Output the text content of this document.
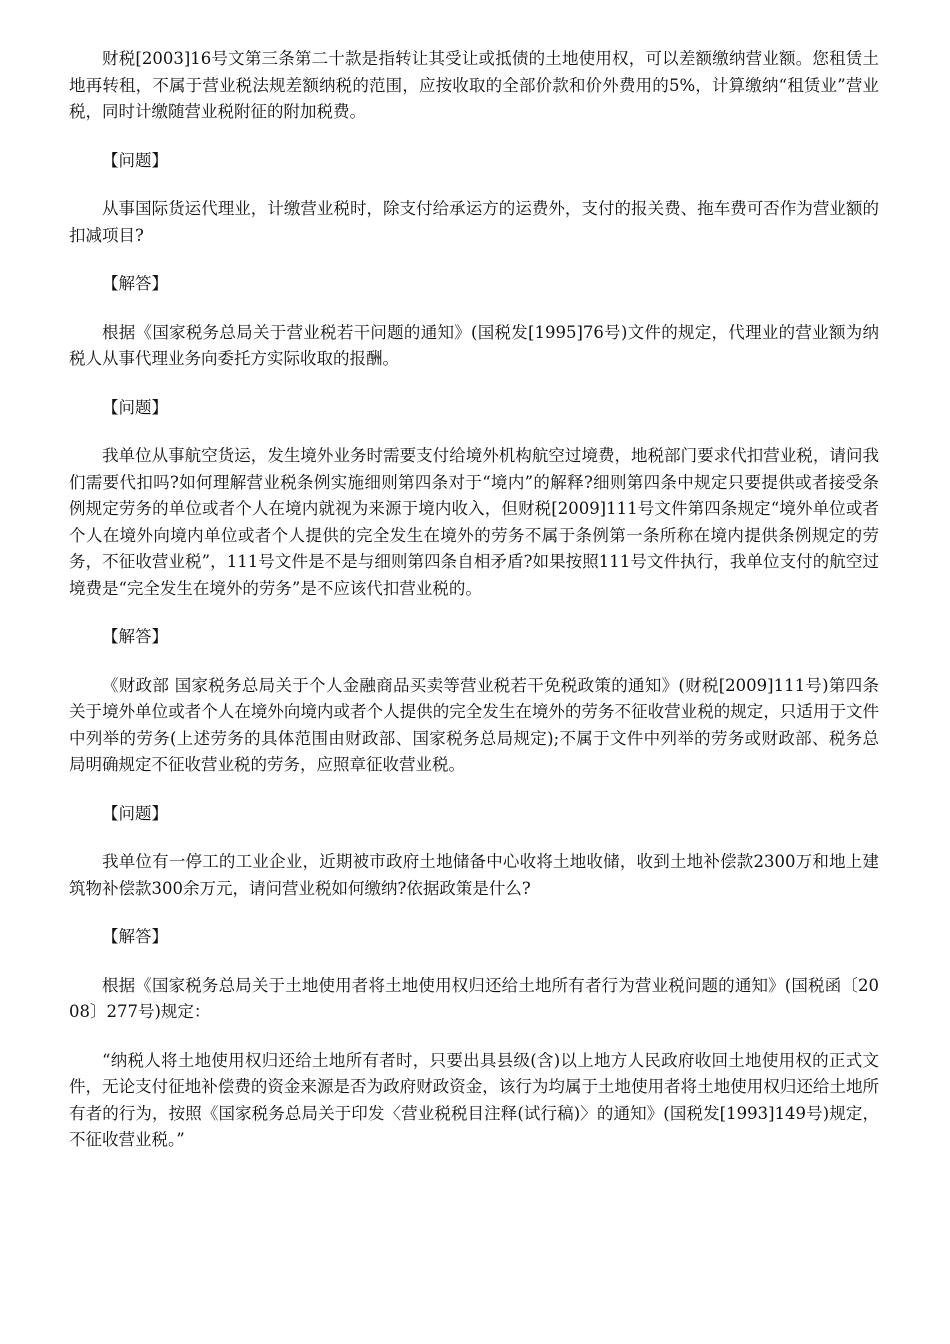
财税[2003]16号文第三条第二十款是指转让其受让或抵债的土地使用权，可以差额缴纳营业额。您租赁土地再转租，不属于营业税法规差额纳税的范围，应按收取的全部价款和价外费用的5%，计算缴纳“租赁业”营业税，同时计缴随营业税附征的附加税费。

【问题】

从事国际货运代理业，计缴营业税时，除支付给承运方的运费外，支付的报关费、拖车费可否作为营业额的扣减项目?

【解答】

根据《国家税务总局关于营业税若干问题的通知》(国税发[1995]76号)文件的规定，代理业的营业额为纳税人从事代理业务向委托方实际收取的报酬。

【问题】

我单位从事航空货运，发生境外业务时需要支付给境外机构航空过境费，地税部门要求代扣营业税，请问我们需要代扣吗?如何理解营业税条例实施细则第四条对于“境内”的解释?细则第四条中规定只要提供或者接受条例规定劳务的单位或者个人在境内就视为来源于境内收入，但财税[2009]111号文件第四条规定“境外单位或者个人在境外向境内单位或者个人提供的完全发生在境外的劳务不属于条例第一条所称在境内提供条例规定的劳务，不征收营业税”，111号文件是不是与细则第四条自相矛盾?如果按照111号文件执行，我单位支付的航空过境费是“完全发生在境外的劳务”是不应该代扣营业税的。

【解答】

《财政部 国家税务总局关于个人金融商品买卖等营业税若干免税政策的通知》(财税[2009]111号)第四条关于境外单位或者个人在境外向境内或者个人提供的完全发生在境外的劳务不征收营业税的规定，只适用于文件中列举的劳务(上述劳务的具体范围由财政部、国家税务总局规定);不属于文件中列举的劳务或财政部、税务总局明确规定不征收营业税的劳务，应照章征收营业税。

【问题】

我单位有一停工的工业企业，近期被市政府土地储备中心收将土地收储，收到土地补偿款2300万和地上建筑物补偿款300余万元，请问营业税如何缴纳?依据政策是什么?

【解答】

根据《国家税务总局关于土地使用者将土地使用权归还给土地所有者行为营业税问题的通知》(国税函〔2008〕277号)规定：

“纳税人将土地使用权归还给土地所有者时，只要出具县级(含)以上地方人民政府收回土地使用权的正式文件，无论支付征地补偿费的资金来源是否为政府财政资金，该行为均属于土地使用者将土地使用权归还给土地所有者的行为，按照《国家税务总局关于印发〈营业税税目注释(试行稿)〉的通知》(国税发[1993]149号)规定，不征收营业税。”
